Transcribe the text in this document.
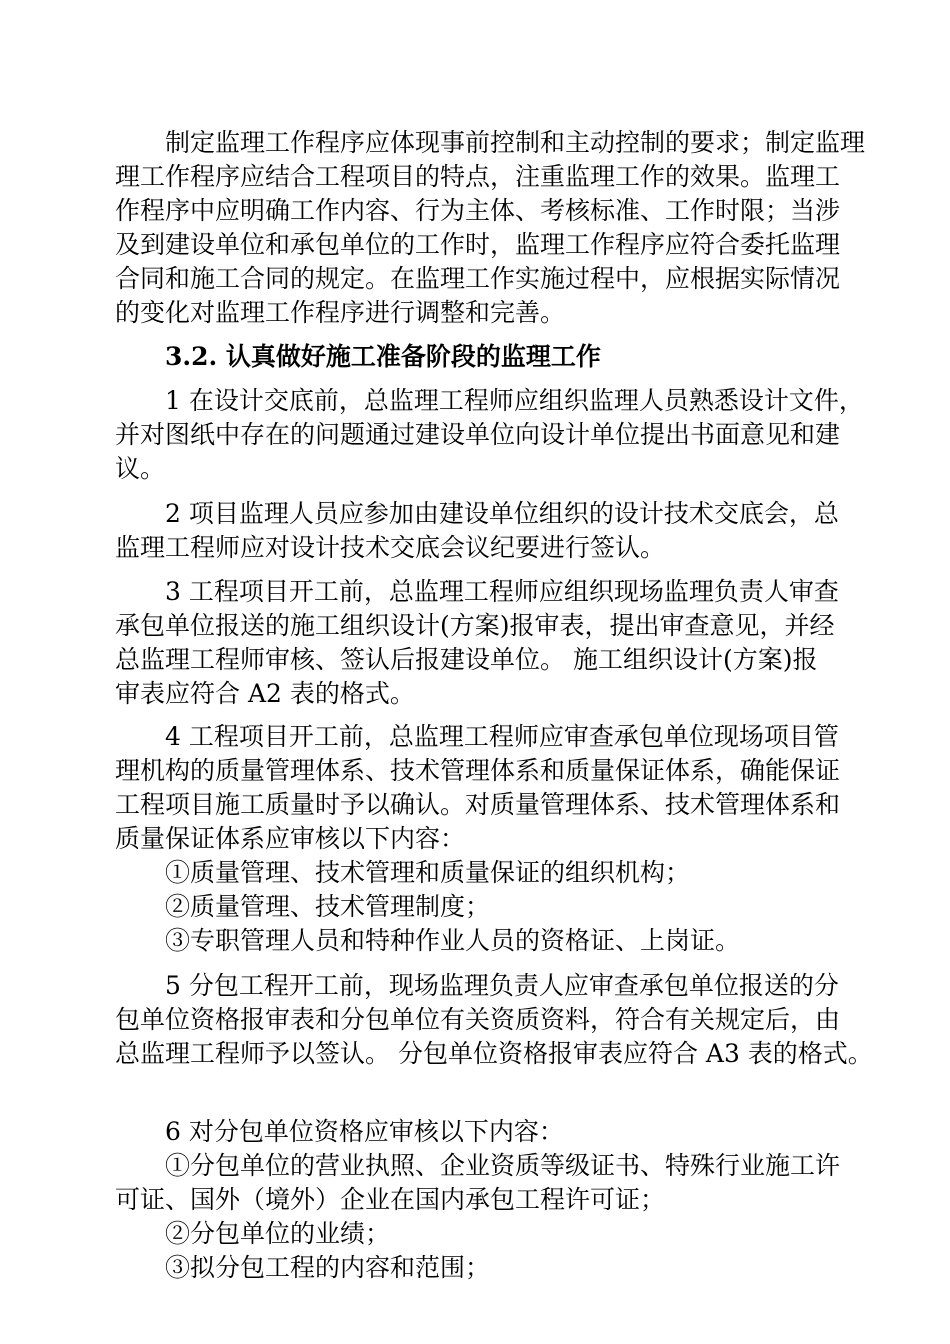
制定监理工作程序应体现事前控制和主动控制的要求；制定监理

理工作程序应结合工程项目的特点，注重监理工作的效果。监理工

作程序中应明确工作内容、行为主体、考核标准、工作时限；当涉

及到建设单位和承包单位的工作时，监理工作程序应符合委托监理

合同和施工合同的规定。在监理工作实施过程中，应根据实际情况

的变化对监理工作程序进行调整和完善。

3.2. 认真做好施工准备阶段的监理工作

1 在设计交底前，总监理工程师应组织监理人员熟悉设计文件，

并对图纸中存在的问题通过建设单位向设计单位提出书面意见和建

议。

2 项目监理人员应参加由建设单位组织的设计技术交底会，总

监理工程师应对设计技术交底会议纪要进行签认。

3 工程项目开工前，总监理工程师应组织现场监理负责人审查

承包单位报送的施工组织设计(方案)报审表，提出审查意见，并经

总监理工程师审核、签认后报建设单位。 施工组织设计(方案)报

审表应符合 A2 表的格式。

4 工程项目开工前，总监理工程师应审查承包单位现场项目管

理机构的质量管理体系、技术管理体系和质量保证体系，确能保证

工程项目施工质量时予以确认。对质量管理体系、技术管理体系和

质量保证体系应审核以下内容：

①质量管理、技术管理和质量保证的组织机构；

②质量管理、技术管理制度；

③专职管理人员和特种作业人员的资格证、上岗证。

5 分包工程开工前，现场监理负责人应审查承包单位报送的分

包单位资格报审表和分包单位有关资质资料，符合有关规定后，由

总监理工程师予以签认。 分包单位资格报审表应符合 A3 表的格式。

6 对分包单位资格应审核以下内容：

①分包单位的营业执照、企业资质等级证书、特殊行业施工许

可证、国外（境外）企业在国内承包工程许可证；

②分包单位的业绩；

③拟分包工程的内容和范围；
